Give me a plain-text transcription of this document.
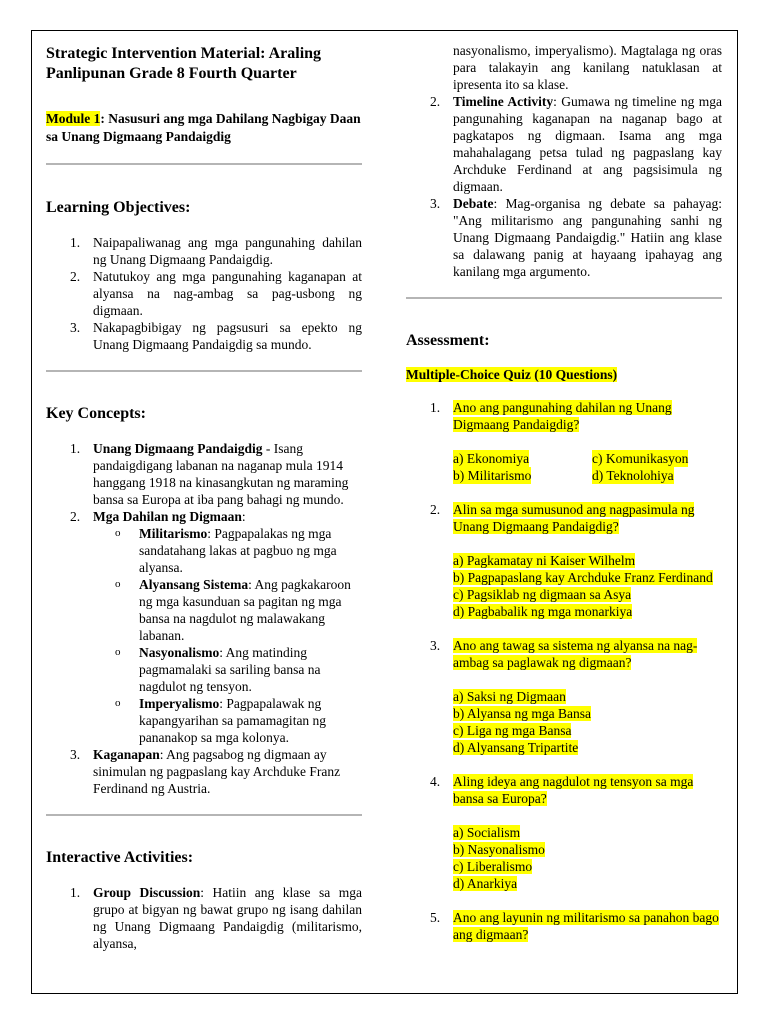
Strategic Intervention Material: Araling Panlipunan Grade 8 Fourth Quarter

Module 1: Nasusuri ang mga Dahilang Nagbigay Daan sa Unang Digmaang Pandaigdig

Learning Objectives:
1. Naipapaliwanag ang mga pangunahing dahilan ng Unang Digmaang Pandaigdig.
2. Natutukoy ang mga pangunahing kaganapan at alyansa na nag-ambag sa pag-usbong ng digmaan.
3. Nakapagbibigay ng pagsusuri sa epekto ng Unang Digmaang Pandaigdig sa mundo.
Key Concepts:
1. Unang Digmaang Pandaigdig - Isang pandaigdigang labanan na naganap mula 1914 hanggang 1918 na kinasangkutan ng maraming bansa sa Europa at iba pang bahagi ng mundo.
2. Mga Dahilan ng Digmaan:
o Militarismo: Pagpapalakas ng mga sandatahang lakas at pagbuo ng mga alyansa.
o Alyansang Sistema: Ang pagkakaroon ng mga kasunduan sa pagitan ng mga bansa na nagdulot ng malawakang labanan.
o Nasyonalismo: Ang matinding pagmamalaki sa sariling bansa na nagdulot ng tensyon.
o Imperyalismo: Pagpapalawak ng kapangyarihan sa pamamagitan ng pananakop sa mga kolonya.
3. Kaganapan: Ang pagsabog ng digmaan ay sinimulan ng pagpaslang kay Archduke Franz Ferdinand ng Austria.
Interactive Activities:
1. Group Discussion: Hatiin ang klase sa mga grupo at bigyan ng bawat grupo ng isang dahilan ng Unang Digmaang Pandaigdig (militarismo, alyansa,
nasyonalismo, imperyalismo). Magtalaga ng oras para talakayin ang kanilang natuklasan at ipresenta ito sa klase.
2. Timeline Activity: Gumawa ng timeline ng mga pangunahing kaganapan na naganap bago at pagkatapos ng digmaan. Isama ang mga mahahalagang petsa tulad ng pagpaslang kay Archduke Ferdinand at ang pagsisimula ng digmaan.
3. Debate: Mag-organisa ng debate sa pahayag: "Ang militarismo ang pangunahing sanhi ng Unang Digmaang Pandaigdig." Hatiin ang klase sa dalawang panig at hayaang ipahayag ang kanilang mga argumento.
Assessment:
Multiple-Choice Quiz (10 Questions)
1. Ano ang pangunahing dahilan ng Unang Digmaang Pandaigdig?
a) Ekonomiya	c) Komunikasyon
b) Militarismo	d) Teknolohiya
2. Alin sa mga sumusunod ang nagpasimula ng Unang Digmaang Pandaigdig?
a) Pagkamatay ni Kaiser Wilhelm
b) Pagpapaslang kay Archduke Franz Ferdinand
c) Pagsiklab ng digmaan sa Asya
d) Pagbabalik ng mga monarkiya
3. Ano ang tawag sa sistema ng alyansa na nag-ambag sa paglawak ng digmaan?
a) Saksi ng Digmaan
b) Alyansa ng mga Bansa
c) Liga ng mga Bansa
d) Alyansang Tripartite
4. Aling ideya ang nagdulot ng tensyon sa mga bansa sa Europa?
a) Socialism
b) Nasyonalismo
c) Liberalismo
d) Anarkiya
5. Ano ang layunin ng militarismo sa panahon bago ang digmaan?
